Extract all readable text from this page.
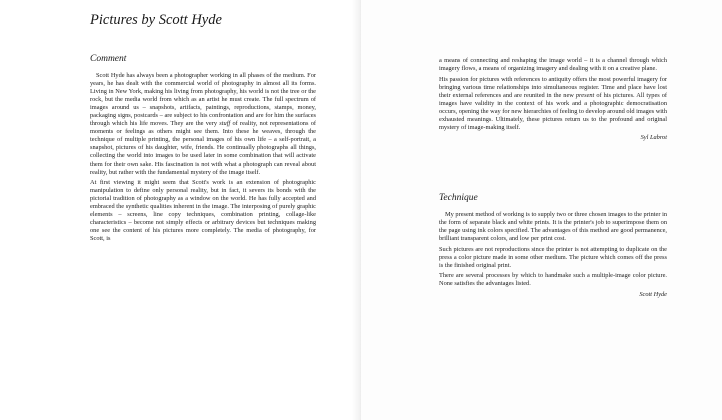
Pictures by Scott Hyde
Comment

Scott Hyde has always been a photographer working in all phases of the medium. For years, he has dealt with the commercial world of photography in almost all its forms. Living in New York, making his living from photography, his world is not the tree or the rock, but the media world from which as an artist he must create. The full spectrum of images around us – snapshots, artifacts, paintings, reproductions, stamps, money, packaging signs, postcards – are subject to his confrontation and are for him the surfaces through which his life moves. They are the very stuff of reality, not representations of moments or feelings as others might see them. Into these he weaves, through the technique of multiple printing, the personal images of his own life – a self-portrait, a snapshot, pictures of his daughter, wife, friends. He continually photographs all things, collecting the world into images to be used later in some combination that will activate them for their own sake. His fascination is not with what a photograph can reveal about reality, but rather with the fundamental mystery of the image itself.

At first viewing it might seem that Scott's work is an extension of photographic manipulation to define only personal reality, but in fact, it severs its bonds with the pictorial tradition of photography as a window on the world. He has fully accepted and embraced the synthetic qualities inherent in the image. The interposing of purely graphic elements – screens, line copy techniques, combination printing, collage-like characteristics – become not simply effects or arbitrary devices but techniques making one see the content of his pictures more completely. The media of photography, for Scott, is

a means of connecting and reshaping the image world – it is a channel through which imagery flows, a means of organizing imagery and dealing with it on a creative plane.

His passion for pictures with references to antiquity offers the most powerful imagery for bringing various time relationships into simultaneous register. Time and place have lost their external references and are reunited in the new present of his pictures. All types of images have validity in the context of his work and a photographic democratisation occurs, opening the way for new hierarchies of feeling to develop around old images with exhausted meanings. Ultimately, these pictures return us to the profound and original mystery of image-making itself.

Syl Labrot

Technique

My present method of working is to supply two or three chosen images to the printer in the form of separate black and white prints. It is the printer's job to superimpose them on the page using ink colors specified. The advantages of this method are good permanence, brilliant transparent colors, and low per print cost.

Such pictures are not reproductions since the printer is not attempting to duplicate on the press a color picture made in some other medium. The picture which comes off the press is the finished original print.

There are several processes by which to handmake such a multiple-image color picture. None satisfies the advantages listed.

Scott Hyde
